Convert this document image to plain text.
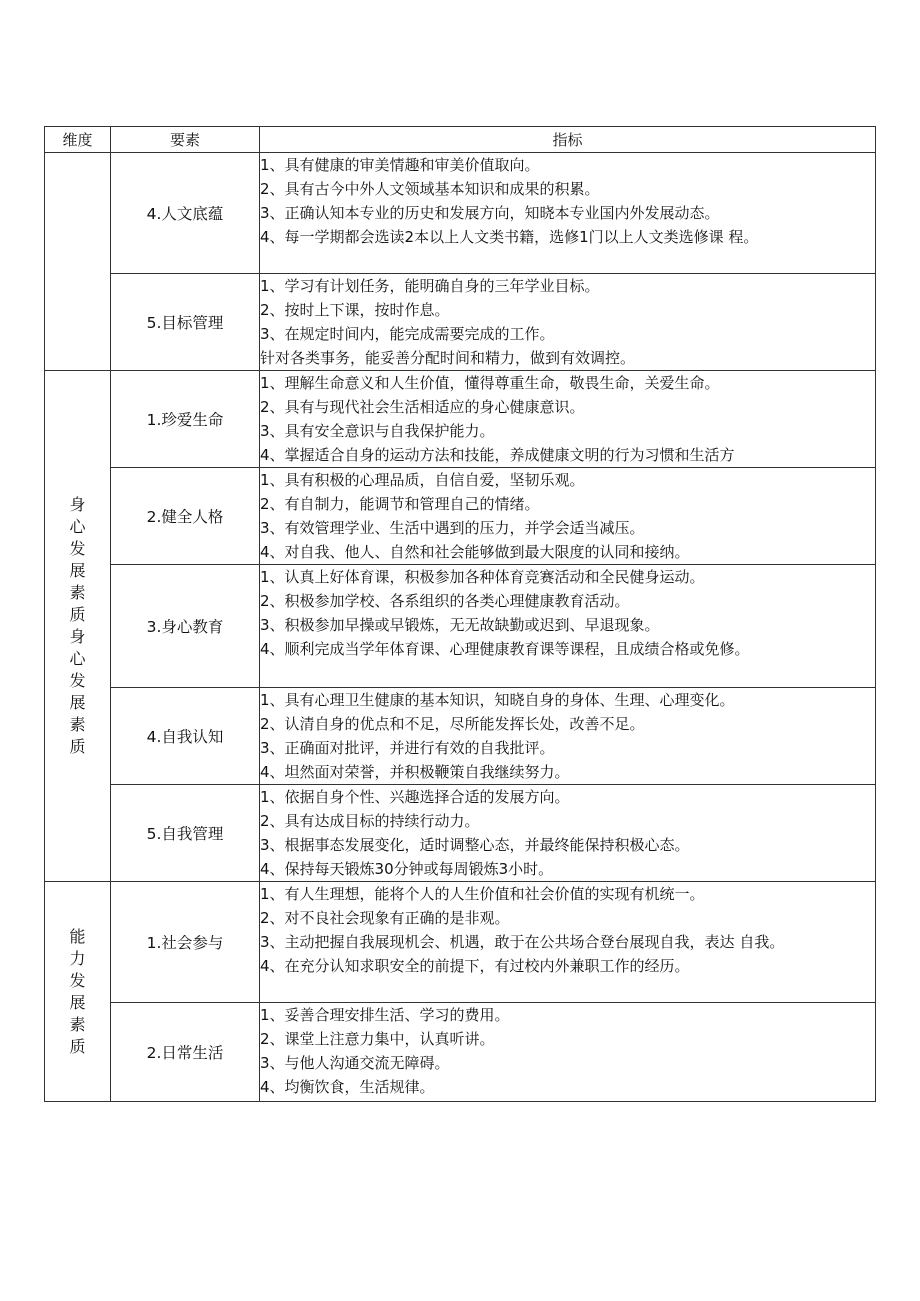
维度	要素	指标
	4.人文底蕴	1、具有健康的审美情趣和审美价值取向。
2、具有古今中外人文领域基本知识和成果的积累。
3、正确认知本专业的历史和发展方向，知晓本专业国内外发展动态。
4、每一学期都会选读2本以上人文类书籍，选修1门以上人文类选修课 程。

	5.目标管理	1、学习有计划任务，能明确自身的三年学业目标。
2、按时上下课，按时作息。
3、在规定时间内，能完成需要完成的工作。
针对各类事务，能妥善分配时间和精力，做到有效调控。

身心发展素质身心发展素质	1.珍爱生命	1、理解生命意义和人生价值，懂得尊重生命，敬畏生命，关爱生命。
2、具有与现代社会生活相适应的身心健康意识。
3、具有安全意识与自我保护能力。
4、掌握适合自身的运动方法和技能，养成健康文明的行为习惯和生活方

	2.健全人格	1、具有积极的心理品质，自信自爱，坚韧乐观。
2、有自制力，能调节和管理自己的情绪。
3、有效管理学业、生活中遇到的压力，并学会适当减压。
4、对自我、他人、自然和社会能够做到最大限度的认同和接纳。

	3.身心教育	1、认真上好体育课，积极参加各种体育竞赛活动和全民健身运动。
2、积极参加学校、各系组织的各类心理健康教育活动。
3、积极参加早操或早锻炼，无无故缺勤或迟到、早退现象。
4、顺利完成当学年体育课、心理健康教育课等课程，且成绩合格或免修。

	4.自我认知	1、具有心理卫生健康的基本知识，知晓自身的身体、生理、心理变化。
2、认清自身的优点和不足，尽所能发挥长处，改善不足。
3、正确面对批评，并进行有效的自我批评。
4、坦然面对荣誉，并积极鞭策自我继续努力。

	5.自我管理	1、依据自身个性、兴趣选择合适的发展方向。
2、具有达成目标的持续行动力。
3、根据事态发展变化，适时调整心态，并最终能保持积极心态。
4、保持每天锻炼30分钟或每周锻炼3小时。

能力发展素质	1.社会参与	1、有人生理想，能将个人的人生价值和社会价值的实现有机统一。
2、对不良社会现象有正确的是非观。
3、主动把握自我展现机会、机遇，敢于在公共场合登台展现自我，表达 自我。
4、在充分认知求职安全的前提下，有过校内外兼职工作的经历。

	2.日常生活	1、妥善合理安排生活、学习的费用。
2、课堂上注意力集中，认真听讲。
3、与他人沟通交流无障碍。
4、均衡饮食，生活规律。
